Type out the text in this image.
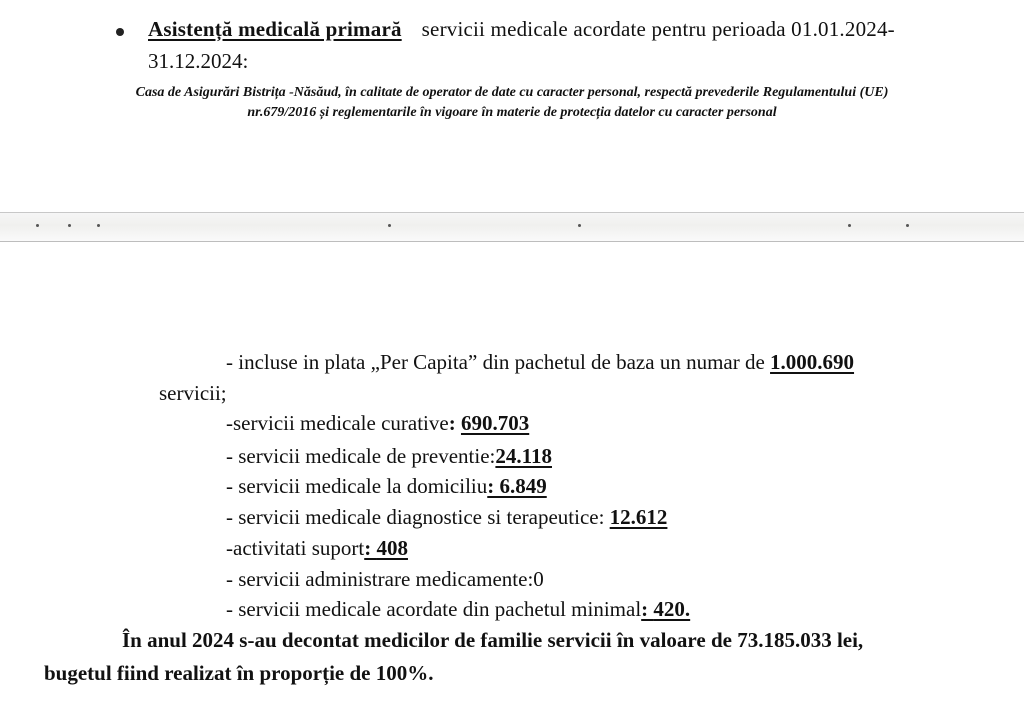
Asistență medicală primară servicii medicale acordate pentru perioada 01.01.2024-
31.12.2024:
Casa de Asigurări Bistrița -Năsăud, în calitate de operator de date cu caracter personal, respectă prevederile Regulamentului (UE)
nr.679/2016 și reglementarile în vigoare în materie de protecția datelor cu caracter personal
- incluse in plata „Per Capita” din pachetul de baza un numar de 1.000.690
servicii;
-servicii medicale curative: 690.703
- servicii medicale de preventie:24.118
- servicii medicale la domiciliu: 6.849
- servicii medicale diagnostice si terapeutice: 12.612
-activitati suport: 408
- servicii administrare medicamente:0
- servicii medicale acordate din pachetul minimal: 420.
În anul 2024 s-au decontat medicilor de familie servicii în valoare de 73.185.033 lei,
bugetul fiind realizat în proporție de 100%.
